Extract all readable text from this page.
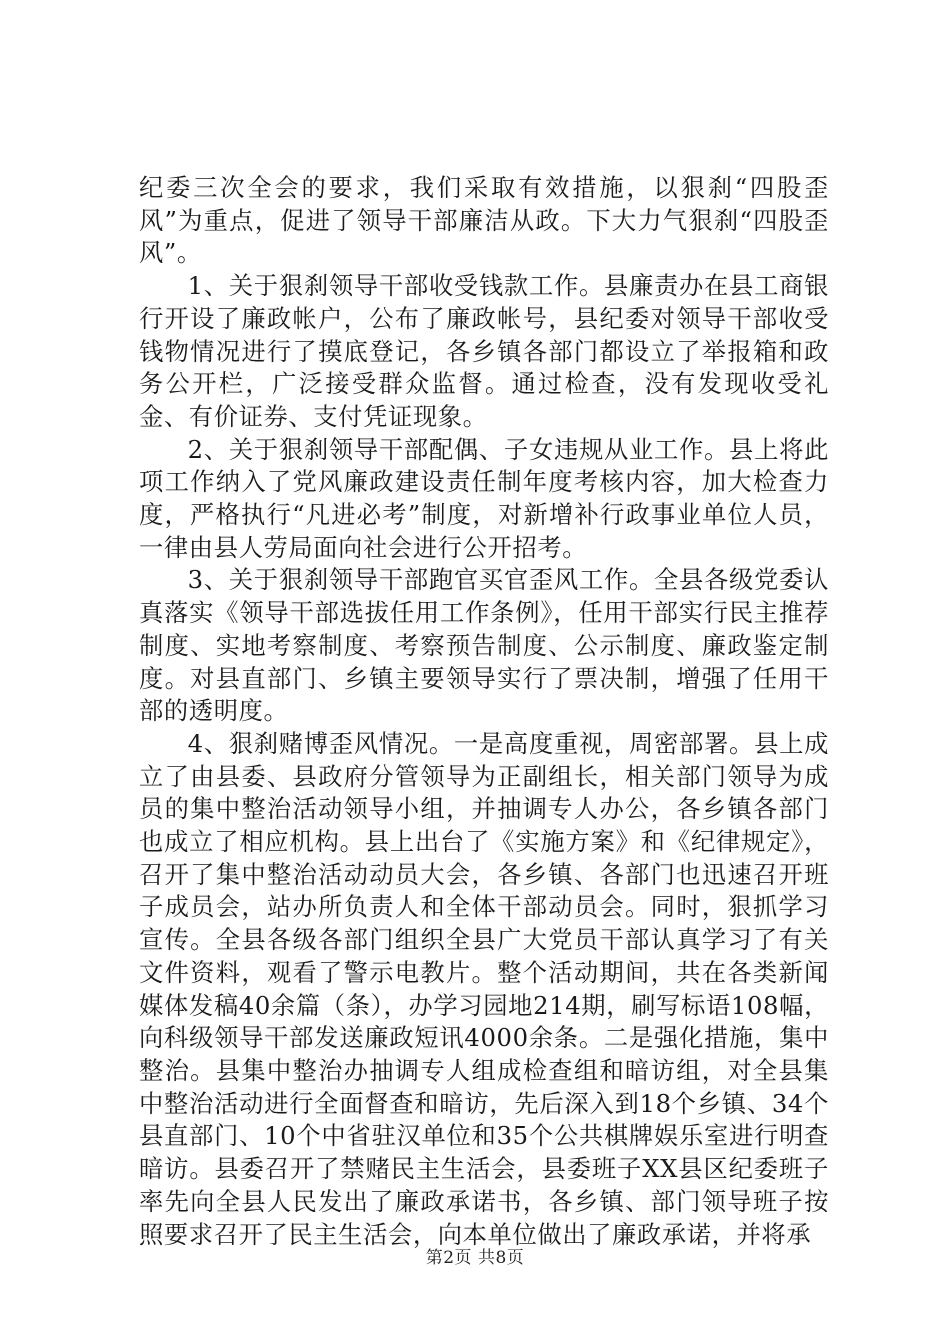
纪委三次全会的要求，我们采取有效措施，以狠刹“四股歪风”为重点，促进了领导干部廉洁从政。下大力气狠刹“四股歪风”。

1、关于狠刹领导干部收受钱款工作。县廉责办在县工商银行开设了廉政帐户，公布了廉政帐号，县纪委对领导干部收受钱物情况进行了摸底登记，各乡镇各部门都设立了举报箱和政务公开栏，广泛接受群众监督。通过检查，没有发现收受礼金、有价证券、支付凭证现象。

2、关于狠刹领导干部配偶、子女违规从业工作。县上将此项工作纳入了党风廉政建设责任制年度考核内容，加大检查力度，严格执行“凡进必考”制度，对新增补行政事业单位人员，一律由县人劳局面向社会进行公开招考。

3、关于狠刹领导干部跑官买官歪风工作。全县各级党委认真落实《领导干部选拔任用工作条例》，任用干部实行民主推荐制度、实地考察制度、考察预告制度、公示制度、廉政鉴定制度。对县直部门、乡镇主要领导实行了票决制，增强了任用干部的透明度。

4、狠刹赌博歪风情况。一是高度重视，周密部署。县上成立了由县委、县政府分管领导为正副组长，相关部门领导为成员的集中整治活动领导小组，并抽调专人办公，各乡镇各部门也成立了相应机构。县上出台了《实施方案》和《纪律规定》，召开了集中整治活动动员大会，各乡镇、各部门也迅速召开班子成员会，站办所负责人和全体干部动员会。同时，狠抓学习宣传。全县各级各部门组织全县广大党员干部认真学习了有关文件资料，观看了警示电教片。整个活动期间，共在各类新闻媒体发稿40余篇（条），办学习园地214期，刷写标语108幅，向科级领导干部发送廉政短讯4000余条。二是强化措施，集中整治。县集中整治办抽调专人组成检查组和暗访组，对全县集中整治活动进行全面督查和暗访，先后深入到18个乡镇、34个县直部门、10个中省驻汉单位和35个公共棋牌娱乐室进行明查暗访。县委召开了禁赌民主生活会，县委班子XX县区纪委班子率先向全县人民发出了廉政承诺书，各乡镇、部门领导班子按照要求召开了民主生活会，向本单位做出了廉政承诺，并将承

第2页 共8页
